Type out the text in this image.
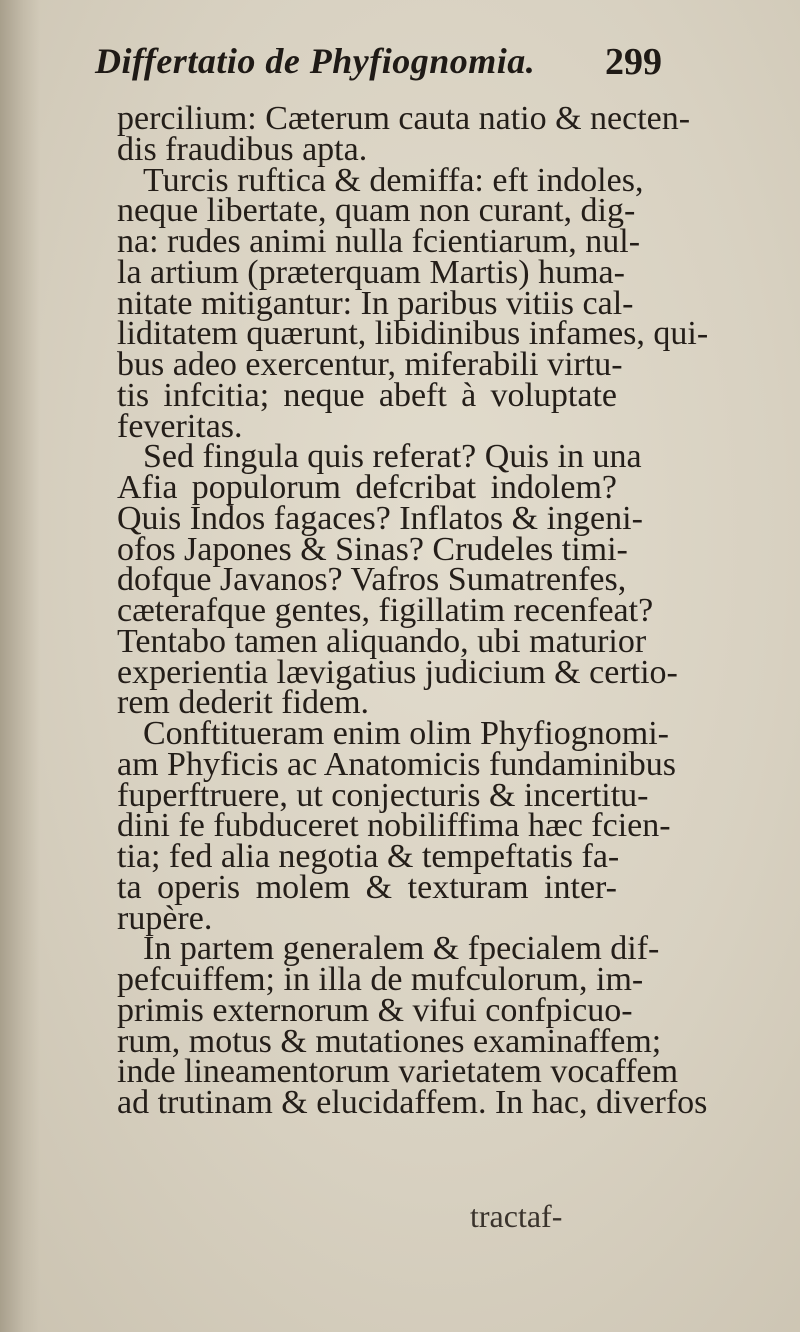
Differtatio de Phyfiognomia. 299
percilium: Cæterum cauta natio & necten-
dis fraudibus apta.
Turcis ruftica & demiffa: eft indoles,
neque libertate, quam non curant, dig-
na: rudes animi nulla fcientiarum, nul-
la artium (præterquam Martis) huma-
nitate mitigantur: In paribus vitiis cal-
liditatem quærunt, libidinibus infames, qui-
bus adeo exercentur, miferabili virtu-
tis infcitia; neque abeft à voluptate
feveritas.
Sed fingula quis referat? Quis in una
Afia populorum defcribat indolem?
Quis Indos fagaces? Inflatos & ingeni-
ofos Japones & Sinas? Crudeles timi-
dofque Javanos? Vafros Sumatrenfes,
cæterafque gentes, figillatim recenfeat?
Tentabo tamen aliquando, ubi maturior
experientia lævigatius judicium & certio-
rem dederit fidem.
Conftitueram enim olim Phyfiognomi-
am Phyficis ac Anatomicis fundaminibus
fuperftruere, ut conjecturis & incertitu-
dini fe fubduceret nobiliffima hæc fcien-
tia; fed alia negotia & tempeftatis fa-
ta operis molem & texturam inter-
rupère.
In partem generalem & fpecialem dif-
pefcuiffem; in illa de mufculorum, im-
primis externorum & vifui confpicuo-
rum, motus & mutationes examinaffem;
inde lineamentorum varietatem vocaffem
ad trutinam & elucidaffem. In hac, diverfos
tractaf-
